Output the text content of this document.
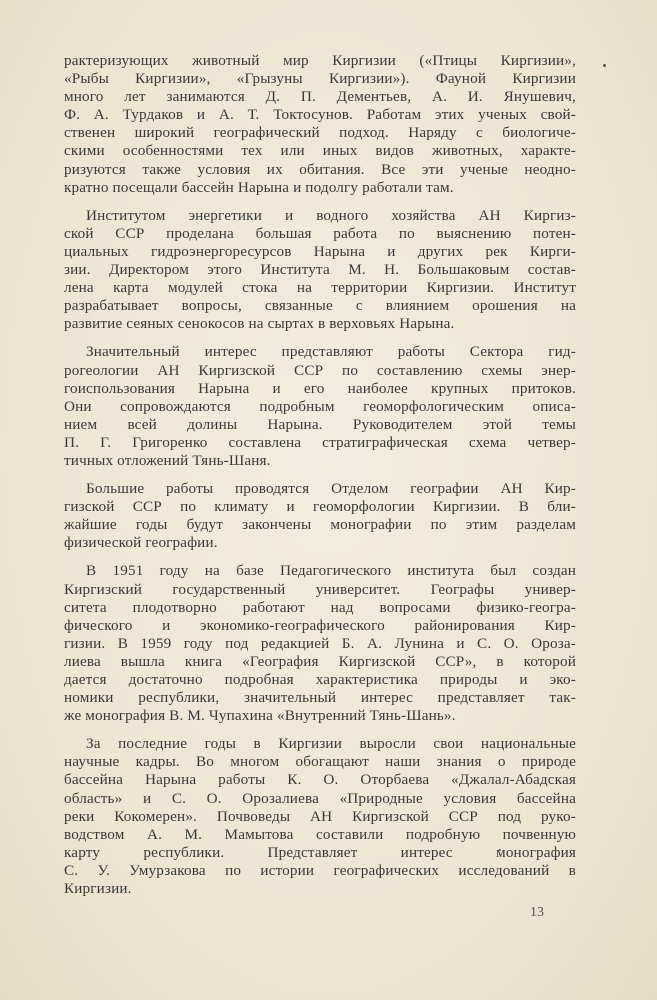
рактеризующих животный мир Киргизии («Птицы Киргизии»,
«Рыбы Киргизии», «Грызуны Киргизии»). Фауной Киргизии
много лет занимаются Д. П. Дементьев, А. И. Янушевич,
Ф. А. Турдаков и А. Т. Токтосунов. Работам этих ученых свой-
ственен широкий географический подход. Наряду с биологиче-
скими особенностями тех или иных видов животных, характе-
ризуются также условия их обитания. Все эти ученые неодно-
кратно посещали бассейн Нарына и подолгу работали там.
Институтом энергетики и водного хозяйства АН Киргиз-
ской ССР проделана большая работа по выяснению потен-
циальных гидроэнергоресурсов Нарына и других рек Кирги-
зии. Директором этого Института М. Н. Большаковым состав-
лена карта модулей стока на территории Киргизии. Институт
разрабатывает вопросы, связанные с влиянием орошения на
развитие сеяных сенокосов на сыртах в верховьях Нарына.
Значительный интерес представляют работы Сектора гид-
рогеологии АН Киргизской ССР по составлению схемы энер-
гоиспользования Нарына и его наиболее крупных притоков.
Они сопровождаются подробным геоморфологическим описа-
нием всей долины Нарына. Руководителем этой темы
П. Г. Григоренко составлена стратиграфическая схема четвер-
тичных отложений Тянь-Шаня.
Большие работы проводятся Отделом географии АН Кир-
гизской ССР по климату и геоморфологии Киргизии. В бли-
жайшие годы будут закончены монографии по этим разделам
физической географии.
В 1951 году на базе Педагогического института был создан
Киргизский государственный университет. Географы универ-
ситета плодотворно работают над вопросами физико-геогра-
фического и экономико-географического районирования Кир-
гизии. В 1959 году под редакцией Б. А. Лунина и С. О. Ороза-
лиева вышла книга «География Киргизской ССР», в которой
дается достаточно подробная характеристика природы и эко-
номики республики, значительный интерес представляет так-
же монография В. М. Чупахина «Внутренний Тянь-Шань».
За последние годы в Киргизии выросли свои национальные
научные кадры. Во многом обогащают наши знания о природе
бассейна Нарына работы К. О. Оторбаева «Джалал-Абадская
область» и С. О. Орозалиева «Природные условия бассейна
реки Кокомерен». Почвоведы АН Киргизской ССР под руко-
водством А. М. Мамытова составили подробную почвенную
карту республики. Представляет интерес монография
С. У. Умурзакова по истории географических исследований в
Киргизии.
13
